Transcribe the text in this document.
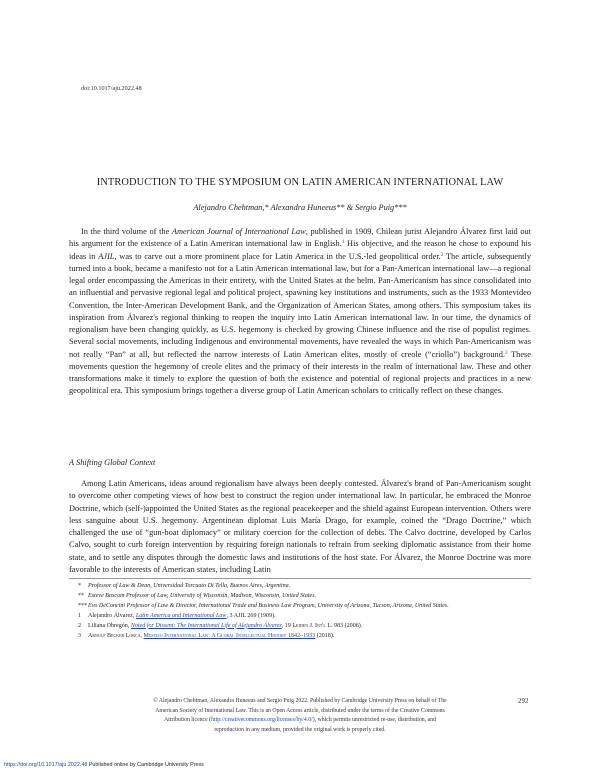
doi:10.1017/aju.2022.48
INTRODUCTION TO THE SYMPOSIUM ON LATIN AMERICAN INTERNATIONAL LAW
Alejandro Chehtman,* Alexandra Huneeus** & Sergio Puig***

In the third volume of the American Journal of International Law, published in 1909, Chilean jurist Alejandro Álvarez first laid out his argument for the existence of a Latin American international law in English.$^1$ His objective, and the reason he chose to expound his ideas in AJIL, was to carve out a more prominent place for Latin America in the U.S.-led geopolitical order.$^2$ The article, subsequently turned into a book, became a manifesto not for a Latin American international law, but for a Pan-American international law—a regional legal order encompassing the Americas in their entirety, with the United States at the helm. Pan-Americanism has since consolidated into an influential and pervasive regional legal and political project, spawning key institutions and instruments, such as the 1933 Montevideo Convention, the Inter-American Development Bank, and the Organization of American States, among others. This symposium takes its inspiration from Álvarez's regional thinking to reopen the inquiry into Latin American international law. In our time, the dynamics of regionalism have been changing quickly, as U.S. hegemony is checked by growing Chinese influence and the rise of populist regimes. Several social movements, including Indigenous and environmental movements, have revealed the ways in which Pan-Americanism was not really “Pan” at all, but reflected the narrow interests of Latin American elites, mostly of creole (“criollo”) background.$^3$ These movements question the hegemony of creole elites and the primacy of their interests in the realm of international law. These and other transformations make it timely to explore the question of both the existence and potential of regional projects and practices in a new geopolitical era. This symposium brings together a diverse group of Latin American scholars to critically reflect on these changes.

A Shifting Global Context

Among Latin Americans, ideas around regionalism have always been deeply contested. Álvarez's brand of Pan-Americanism sought to overcome other competing views of how best to construct the region under international law. In particular, he embraced the Monroe Doctrine, which (self-)appointed the United States as the regional peacekeeper and the shield against European intervention. Others were less sanguine about U.S. hegemony. Argentinean diplomat Luis María Drago, for example, coined the “Drago Doctrine,” which challenged the use of “gun-boat diplomacy” or military coercion for the collection of debts. The Calvo doctrine, developed by Carlos Calvo, sought to curb foreign intervention by requiring foreign nationals to refrain from seeking diplomatic assistance from their home state, and to settle any disputes through the domestic laws and institutions of the host state. For Álvarez, the Monroe Doctrine was more favorable to the interests of American states, including Latin

* Professor of Law & Dean, Universidad Torcuato Di Tella, Buenos Aires, Argentina.
** Esteve Bascom Professor of Law, University of Wisconsin, Madison, Wisconsin, United States.
***Evo DeConcini Professor of Law & Director, International Trade and Business Law Program, University of Arizona, Tucson, Arizona, United States.
1 Alejandro Álvarez, Latin America and International Law, 3 AJIL 269 (1909).
2 Liliana Obregón, Noted for Dissent: The International Life of Alejandro Álvarez, 19 Leiden J. Int'l L. 983 (2006).
3 Arnulf Becker Lorca, Mestizo International Law: A Global Intellectual History 1842–1933 (2018).
© Alejandro Chehtman, Alexandra Huneeus and Sergio Puig 2022. Published by Cambridge University Press on behalf of The
American Society of International Law. This is an Open Access article, distributed under the terms of the Creative Commons
Attribution licence (http://creativecommons.org/licenses/by/4.0/), which permits unrestricted re-use, distribution, and
reproduction in any medium, provided the original work is properly cited.
292
https://doi.org/10.1017/aju.2022.48 Published online by Cambridge University Press
